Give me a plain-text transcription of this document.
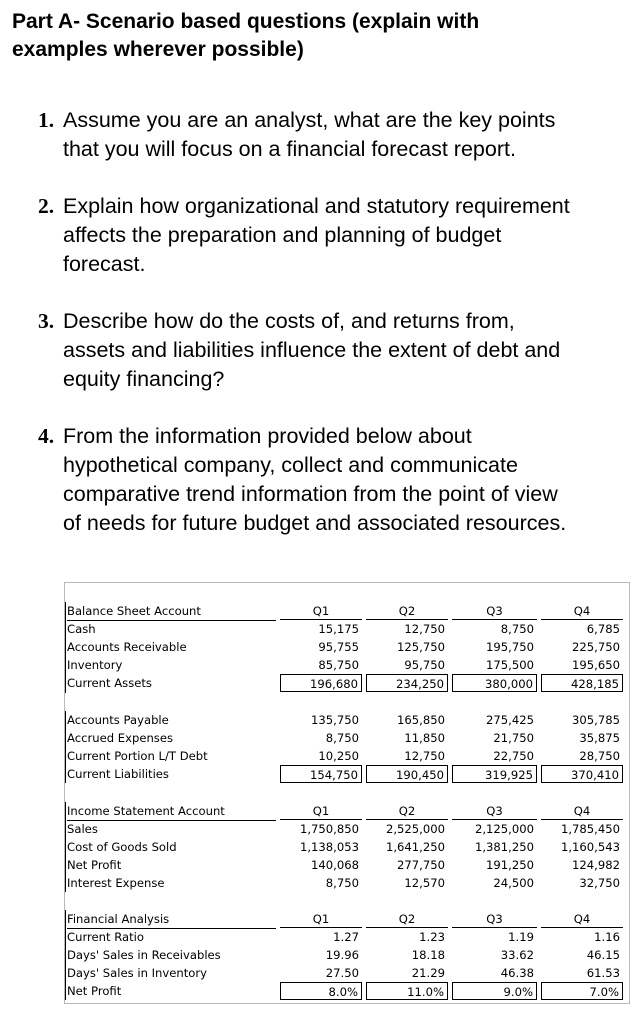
Part A- Scenario based questions (explain with
examples wherever possible)
1. Assume you are an analyst, what are the key points
that you will focus on a financial forecast report.
2. Explain how organizational and statutory requirement
affects the preparation and planning of budget
forecast.
3. Describe how do the costs of, and returns from,
assets and liabilities influence the extent of debt and
equity financing?
4. From the information provided below about
hypothetical company, collect and communicate
comparative trend information from the point of view
of needs for future budget and associated resources.
Balance Sheet Account	Q1	Q2	Q3	Q4
Cash	15,175	12,750	8,750	6,785
Accounts Receivable	95,755	125,750	195,750	225,750
Inventory	85,750	95,750	175,500	195,650
Current Assets	196,680	234,250	380,000	428,185
Accounts Payable	135,750	165,850	275,425	305,785
Accrued Expenses	8,750	11,850	21,750	35,875
Current Portion L/T Debt	10,250	12,750	22,750	28,750
Current Liabilities	154,750	190,450	319,925	370,410
Income Statement Account	Q1	Q2	Q3	Q4
Sales	1,750,850	2,525,000	2,125,000	1,785,450
Cost of Goods Sold	1,138,053	1,641,250	1,381,250	1,160,543
Net Profit	140,068	277,750	191,250	124,982
Interest Expense	8,750	12,570	24,500	32,750
Financial Analysis	Q1	Q2	Q3	Q4
Current Ratio	1.27	1.23	1.19	1.16
Days' Sales in Receivables	19.96	18.18	33.62	46.15
Days' Sales in Inventory	27.50	21.29	46.38	61.53
Net Profit	8.0%	11.0%	9.0%	7.0%
